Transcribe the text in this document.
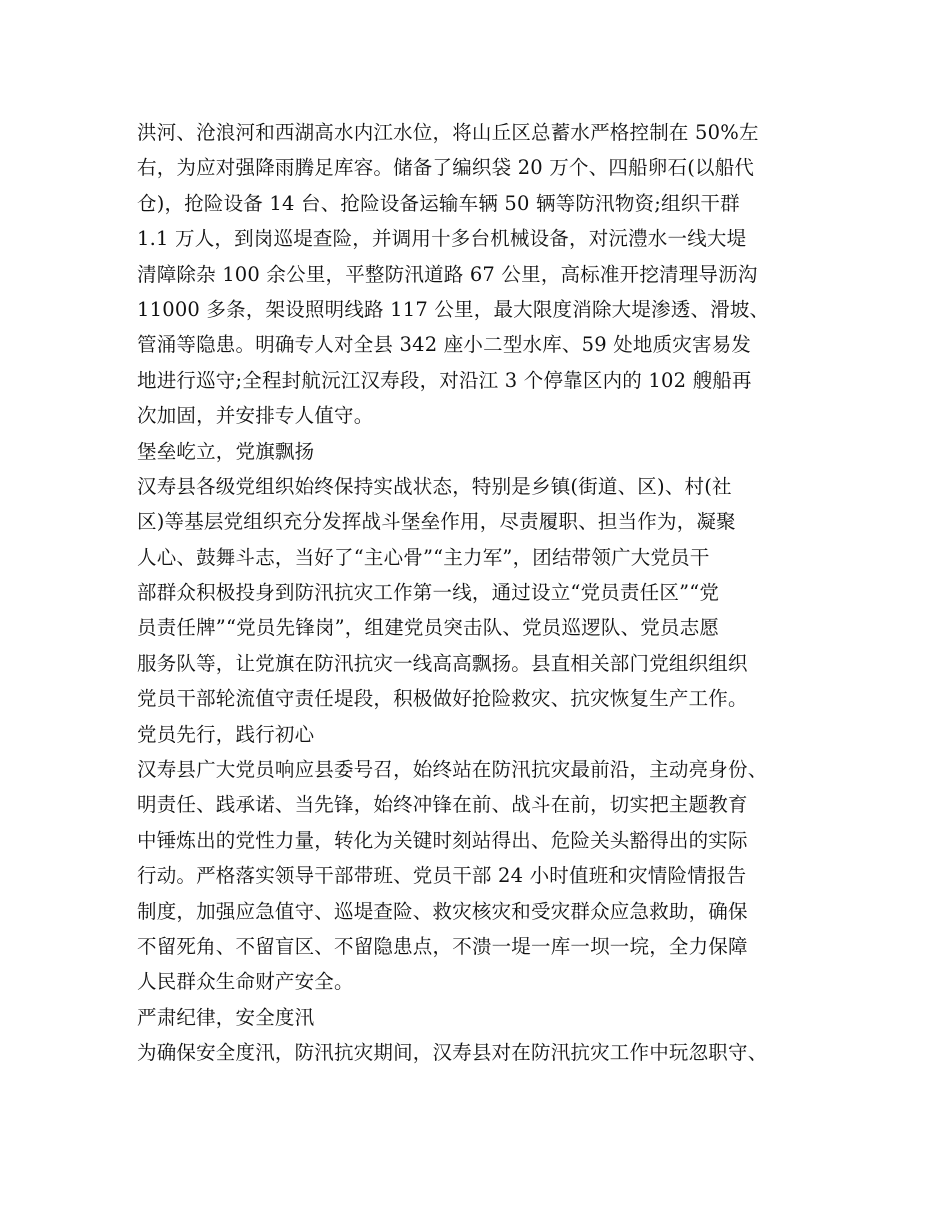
洪河、沧浪河和西湖高水内江水位，将山丘区总蓄水严格控制在 50%左
右，为应对强降雨腾足库容。储备了编织袋 20 万个、四船卵石(以船代
仓)，抢险设备 14 台、抢险设备运输车辆 50 辆等防汛物资;组织干群
1.1 万人，到岗巡堤查险，并调用十多台机械设备，对沅澧水一线大堤
清障除杂 100 余公里，平整防汛道路 67 公里，高标准开挖清理导沥沟
11000 多条，架设照明线路 117 公里，最大限度消除大堤渗透、滑坡、
管涌等隐患。明确专人对全县 342 座小二型水库、59 处地质灾害易发
地进行巡守;全程封航沅江汉寿段，对沿江 3 个停靠区内的 102 艘船再
次加固，并安排专人值守。
堡垒屹立，党旗飘扬
汉寿县各级党组织始终保持实战状态，特别是乡镇(街道、区)、村(社
区)等基层党组织充分发挥战斗堡垒作用，尽责履职、担当作为，凝聚
人心、鼓舞斗志，当好了“主心骨”“主力军”，团结带领广大党员干
部群众积极投身到防汛抗灾工作第一线，通过设立“党员责任区”“党
员责任牌”“党员先锋岗”，组建党员突击队、党员巡逻队、党员志愿
服务队等，让党旗在防汛抗灾一线高高飘扬。县直相关部门党组织组织
党员干部轮流值守责任堤段，积极做好抢险救灾、抗灾恢复生产工作。
党员先行，践行初心
汉寿县广大党员响应县委号召，始终站在防汛抗灾最前沿，主动亮身份、
明责任、践承诺、当先锋，始终冲锋在前、战斗在前，切实把主题教育
中锤炼出的党性力量，转化为关键时刻站得出、危险关头豁得出的实际
行动。严格落实领导干部带班、党员干部 24 小时值班和灾情险情报告
制度，加强应急值守、巡堤查险、救灾核灾和受灾群众应急救助，确保
不留死角、不留盲区、不留隐患点，不溃一堤一库一坝一垸，全力保障
人民群众生命财产安全。
严肃纪律，安全度汛
为确保安全度汛，防汛抗灾期间，汉寿县对在防汛抗灾工作中玩忽职守、
